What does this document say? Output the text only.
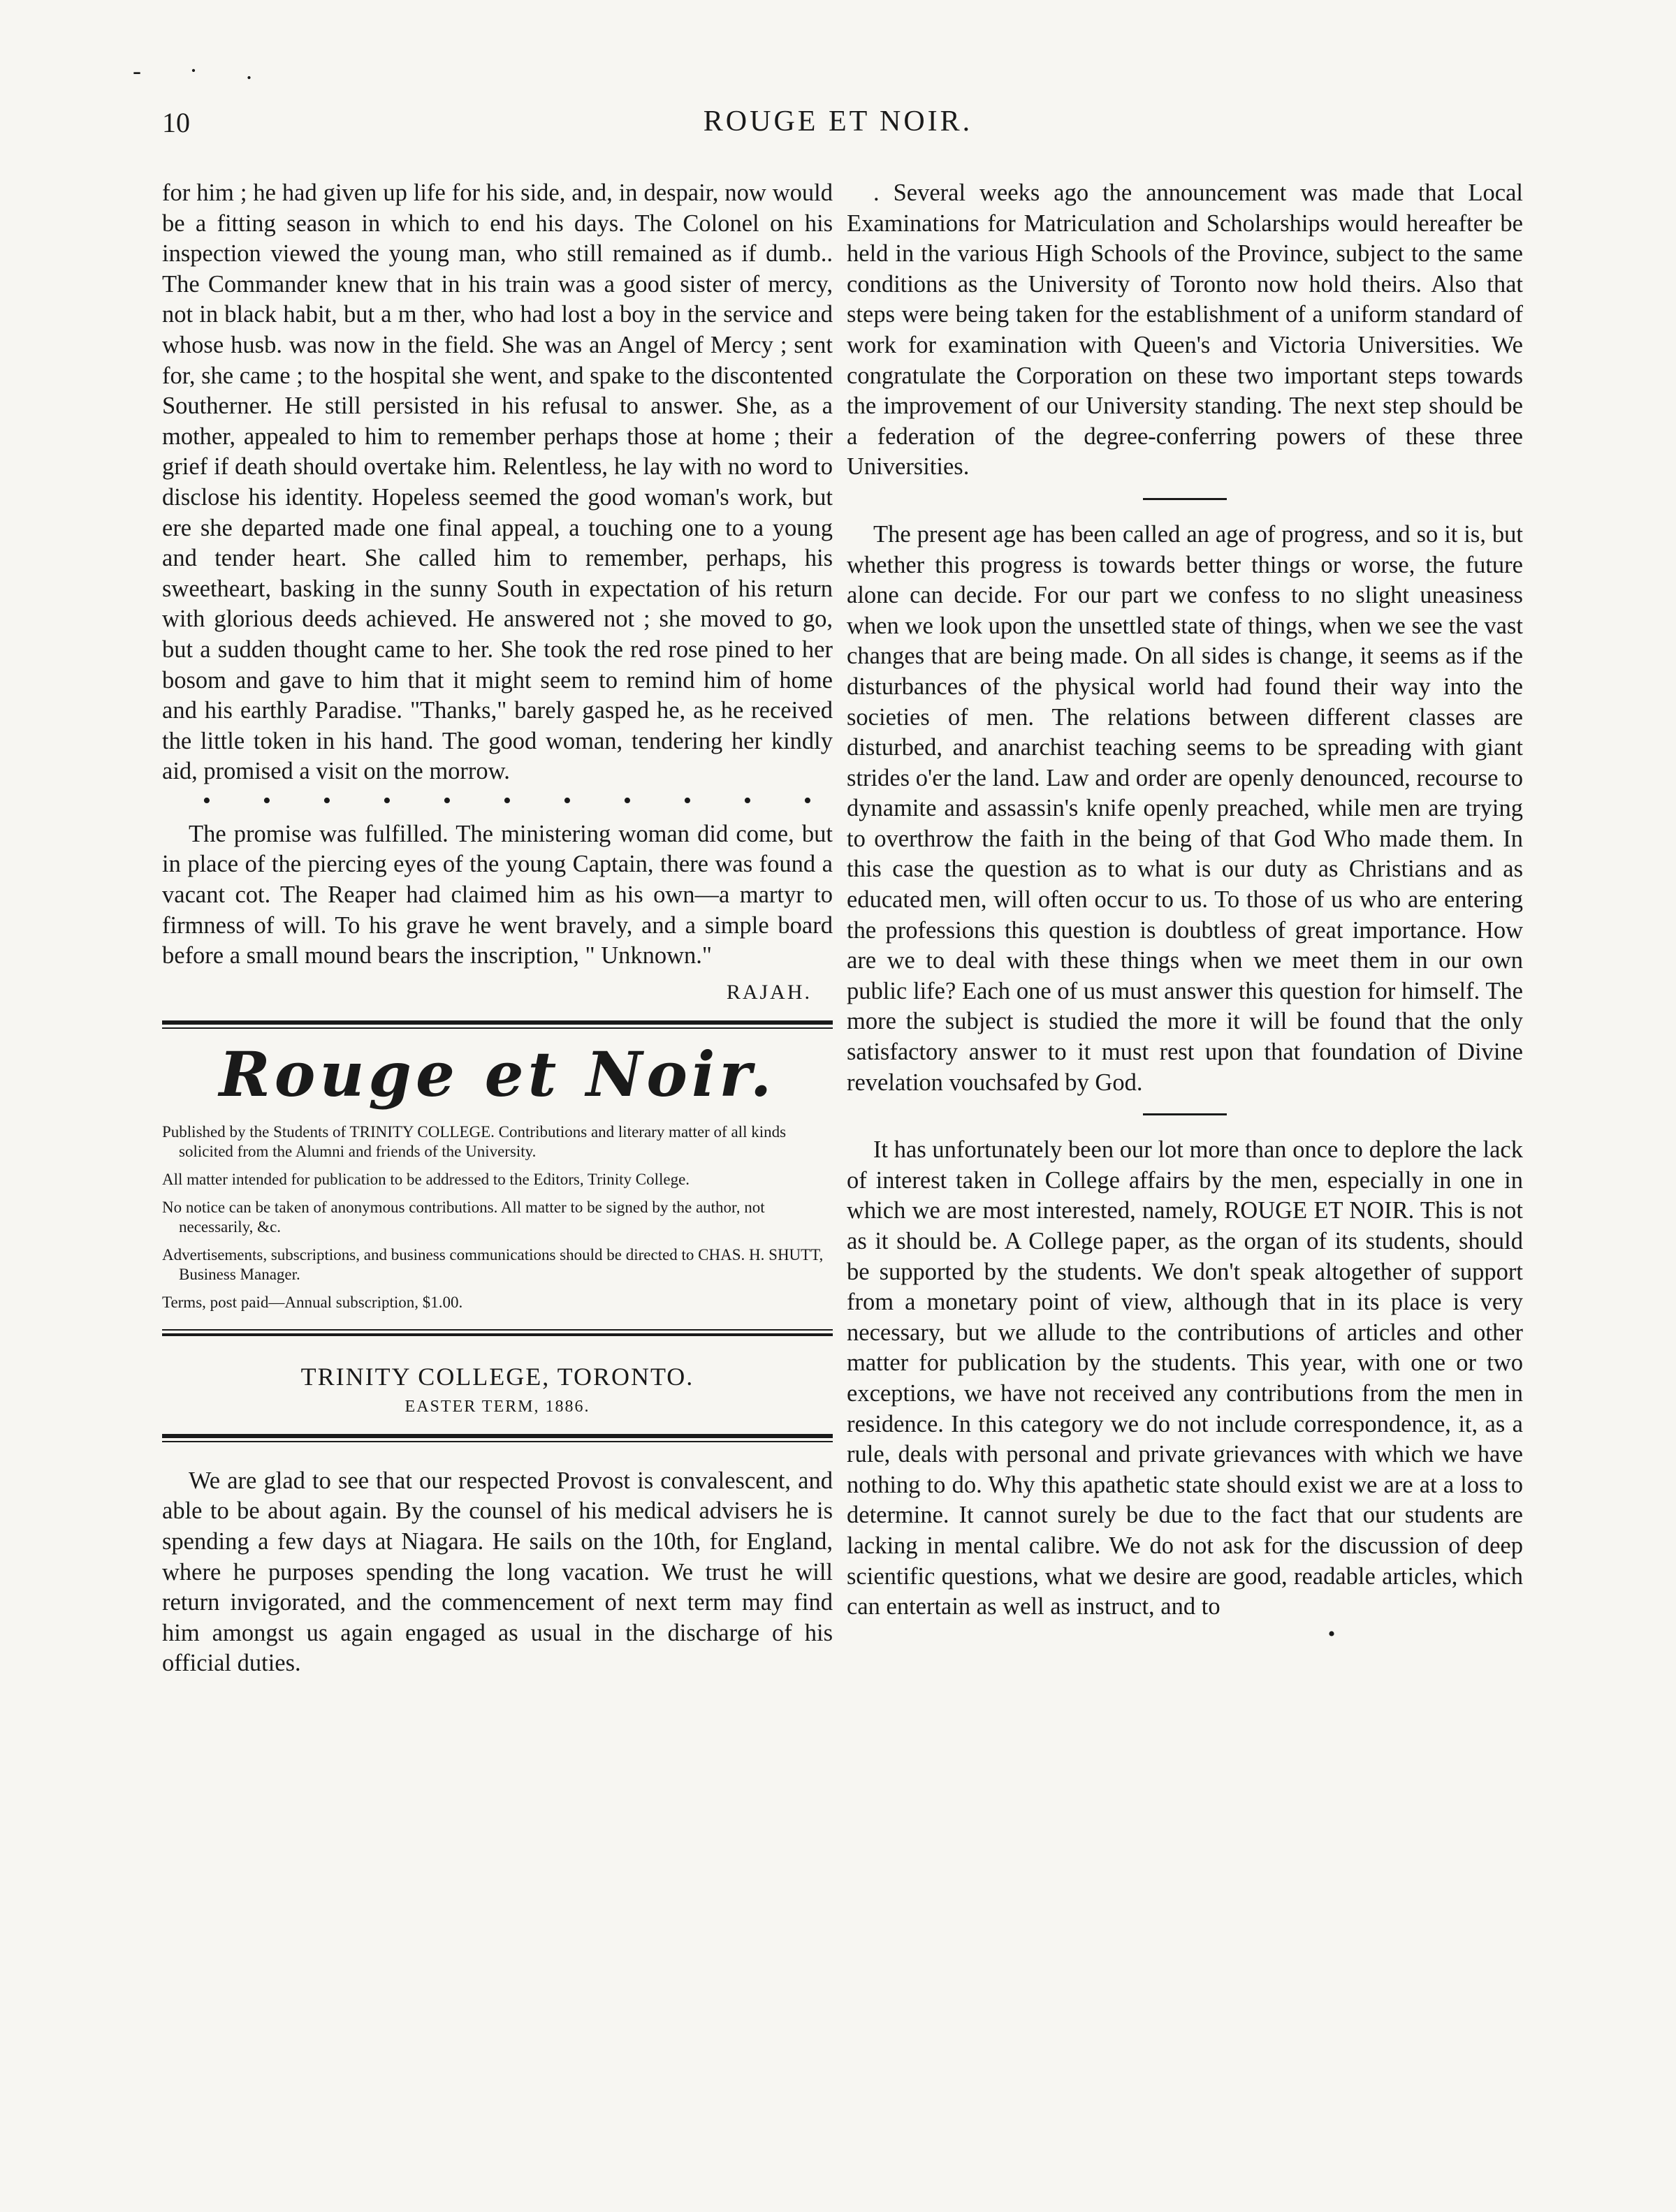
‐ · .
10	ROUGE ET NOIR.

for him ; he had given up life for his side, and, in despair, now would be a fitting season in which to end his days. The Colonel on his inspection viewed the young man, who still remained as if dumb.. The Commander knew that in his train was a good sister of mercy, not in black habit, but a m ther, who had lost a boy in the service and whose husb. was now in the field. She was an Angel of Mercy ; sent for, she came ; to the hospital she went, and spake to the discontented Southerner. He still persisted in his refusal to answer. She, as a mother, appealed to him to remember perhaps those at home ; their grief if death should overtake him. Relentless, he lay with no word to disclose his identity. Hopeless seemed the good woman's work, but ere she departed made one final appeal, a touching one to a young and tender heart. She called him to remember, perhaps, his sweetheart, basking in the sunny South in expectation of his return with glorious deeds achieved. He answered not ; she moved to go, but a sudden thought came to her. She took the red rose pined to her bosom and gave to him that it might seem to remind him of home and his earthly Paradise. "Thanks," barely gasped he, as he received the little token in his hand. The good woman, tendering her kindly aid, promised a visit on the morrow.

• • • • • • • • • • •

The promise was fulfilled. The ministering woman did come, but in place of the piercing eyes of the young Captain, there was found a vacant cot. The Reaper had claimed him as his own—a martyr to firmness of will. To his grave he went bravely, and a simple board before a small mound bears the inscription, " Unknown."

RAJAH.
Rouge et Noir.
Published by the Students of TRINITY COLLEGE. Contributions and literary matter of all kinds solicited from the Alumni and friends of the University.
All matter intended for publication to be addressed to the Editors, Trinity College.
No notice can be taken of anonymous contributions. All matter to be signed by the author, not necessarily, &c.
Advertisements, subscriptions, and business communications should be directed to CHAS. H. SHUTT, Business Manager.
Terms, post paid—Annual subscription, $1.00.
TRINITY COLLEGE, TORONTO.
EASTER TERM, 1886.

We are glad to see that our respected Provost is convalescent, and able to be about again. By the counsel of his medical advisers he is spending a few days at Niagara. He sails on the 10th, for England, where he purposes spending the long vacation. We trust he will return invigorated, and the commencement of next term may find him amongst us again engaged as usual in the discharge of his official duties.

. Several weeks ago the announcement was made that Local Examinations for Matriculation and Scholarships would hereafter be held in the various High Schools of the Province, subject to the same conditions as the University of Toronto now hold theirs. Also that steps were being taken for the establishment of a uniform standard of work for examination with Queen's and Victoria Universities. We congratulate the Corporation on these two important steps towards the improvement of our University standing. The next step should be a federation of the degree-conferring powers of these three Universities.

The present age has been called an age of progress, and so it is, but whether this progress is towards better things or worse, the future alone can decide. For our part we confess to no slight uneasiness when we look upon the unsettled state of things, when we see the vast changes that are being made. On all sides is change, it seems as if the disturbances of the physical world had found their way into the societies of men. The relations between different classes are disturbed, and anarchist teaching seems to be spreading with giant strides o'er the land. Law and order are openly denounced, recourse to dynamite and assassin's knife openly preached, while men are trying to overthrow the faith in the being of that God Who made them. In this case the question as to what is our duty as Christians and as educated men, will often occur to us. To those of us who are entering the professions this question is doubtless of great importance. How are we to deal with these things when we meet them in our own public life? Each one of us must answer this question for himself. The more the subject is studied the more it will be found that the only satisfactory answer to it must rest upon that foundation of Divine revelation vouchsafed by God.

It has unfortunately been our lot more than once to deplore the lack of interest taken in College affairs by the men, especially in one in which we are most interested, namely, ROUGE ET NOIR. This is not as it should be. A College paper, as the organ of its students, should be supported by the students. We don't speak altogether of support from a monetary point of view, although that in its place is very necessary, but we allude to the contributions of articles and other matter for publication by the students. This year, with one or two exceptions, we have not received any contributions from the men in residence. In this category we do not include correspondence, it, as a rule, deals with personal and private grievances with which we have nothing to do. Why this apathetic state should exist we are at a loss to determine. It cannot surely be due to the fact that our students are lacking in mental calibre. We do not ask for the discussion of deep scientific questions, what we desire are good, readable articles, which can entertain as well as instruct, and to

•
